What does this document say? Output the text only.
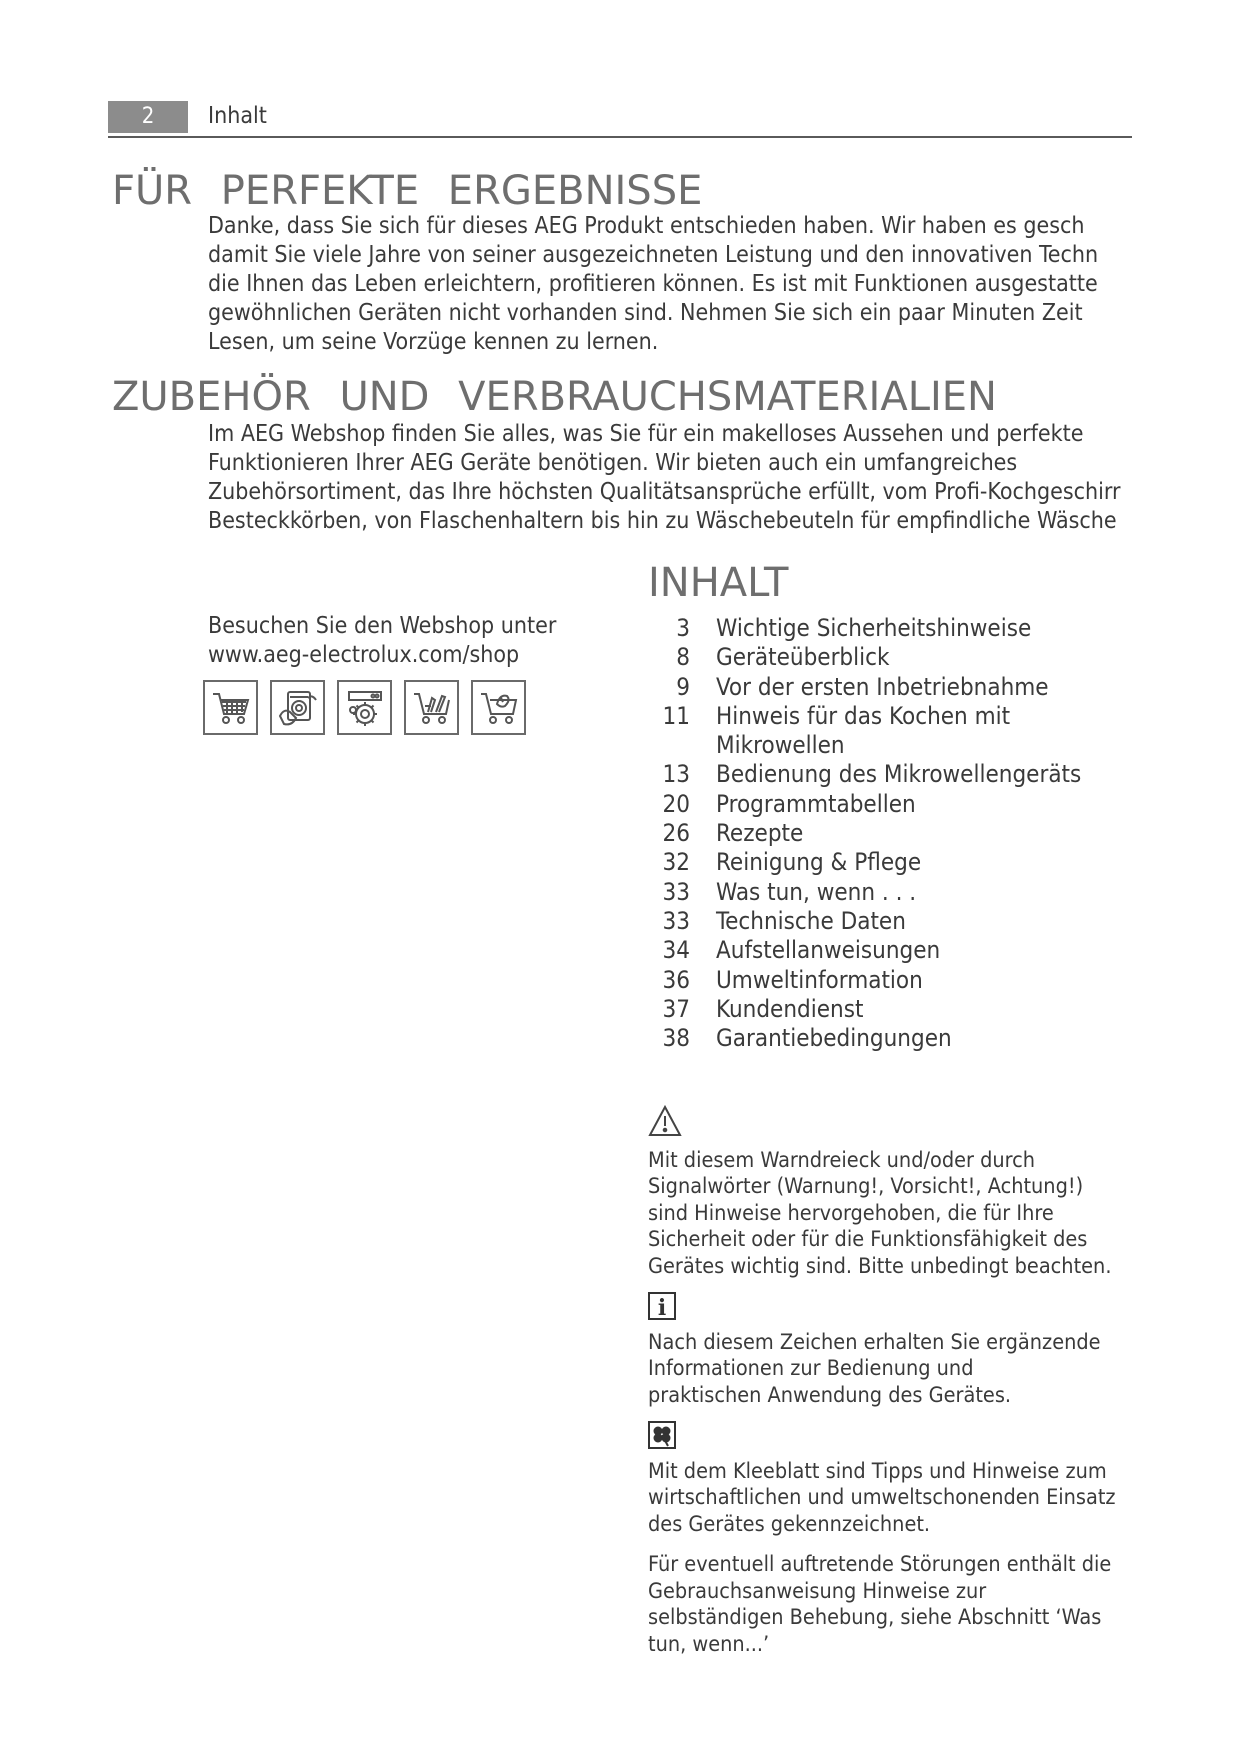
2	Inhalt
FÜR PERFEKTE ERGEBNISSE
Danke, dass Sie sich für dieses AEG Produkt entschieden haben. Wir haben es gesch
damit Sie viele Jahre von seiner ausgezeichneten Leistung und den innovativen Techn
die Ihnen das Leben erleichtern, profitieren können. Es ist mit Funktionen ausgestatte
gewöhnlichen Geräten nicht vorhanden sind. Nehmen Sie sich ein paar Minuten Zeit
Lesen, um seine Vorzüge kennen zu lernen.
ZUBEHÖR UND VERBRAUCHSMATERIALIEN
Im AEG Webshop finden Sie alles, was Sie für ein makelloses Aussehen und perfekte
Funktionieren Ihrer AEG Geräte benötigen. Wir bieten auch ein umfangreiches
Zubehörsortiment, das Ihre höchsten Qualitätsansprüche erfüllt, vom Profi-Kochgeschirr
Besteckkörben, von Flaschenhaltern bis hin zu Wäschebeuteln für empfindliche Wäsche
Besuchen Sie den Webshop unter
www.aeg-electrolux.com/shop
INHALT
3	Wichtige Sicherheitshinweise
8	Geräteüberblick
9	Vor der ersten Inbetriebnahme
11	Hinweis für das Kochen mit
Mikrowellen
13	Bedienung des Mikrowellengeräts
20	Programmtabellen
26	Rezepte
32	Reinigung & Pflege
33	Was tun, wenn . . .
33	Technische Daten
34	Aufstellanweisungen
36	Umweltinformation
37	Kundendienst
38	Garantiebedingungen
Mit diesem Warndreieck und/oder durch
Signalwörter (Warnung!, Vorsicht!, Achtung!)
sind Hinweise hervorgehoben, die für Ihre
Sicherheit oder für die Funktionsfähigkeit des
Gerätes wichtig sind. Bitte unbedingt beachten.
i
Nach diesem Zeichen erhalten Sie ergänzende
Informationen zur Bedienung und
praktischen Anwendung des Gerätes.
Mit dem Kleeblatt sind Tipps und Hinweise zum
wirtschaftlichen und umweltschonenden Einsatz
des Gerätes gekennzeichnet.
Für eventuell auftretende Störungen enthält die
Gebrauchsanweisung Hinweise zur
selbständigen Behebung, siehe Abschnitt ‘Was
tun, wenn...’
